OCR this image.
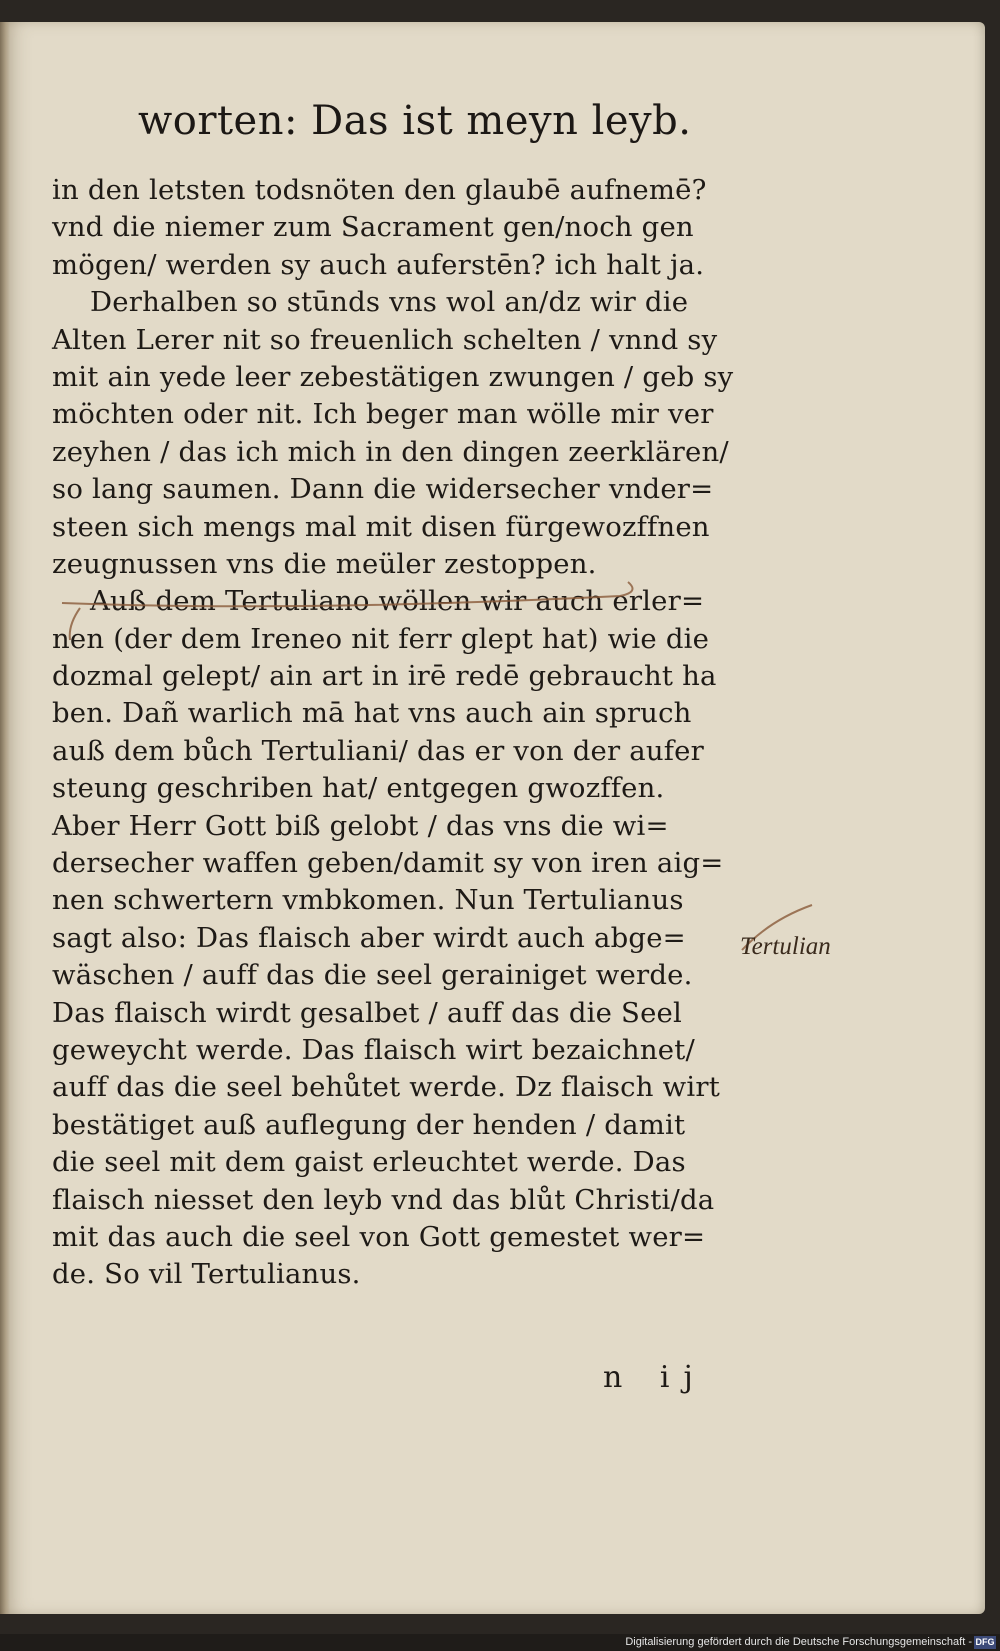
worten: Das ist meyn leyb.
in den letsten todsnöten den glaubē aufnemē?
vnd die niemer zum Sacrament gen/noch gen
mögen/ werden sy auch auferstēn? ich halt ja.
Derhalben so stūnds vns wol an/dz wir die
Alten Lerer nit so freuenlich schelten / vnnd sy
mit ain yede leer zebestätigen zwungen / geb sy
möchten oder nit. Ich beger man wölle mir ver
zeyhen / das ich mich in den dingen zeerklären/
so lang saumen. Dann die widersecher vnder=
steen sich mengs mal mit disen fürgewozffnen
zeugnussen vns die meüler zestoppen.
Auß dem Tertuliano wöllen wir auch erler=
nen (der dem Ireneo nit ferr glept hat) wie die
dozmal gelept/ ain art in irē redē gebraucht ha
ben. Dañ warlich mā hat vns auch ain spruch
auß dem bůch Tertuliani/ das er von der aufer
steung geschriben hat/ entgegen gwozffen.
Aber Herr Gott biß gelobt / das vns die wi=
dersecher waffen geben/damit sy von iren aig=
nen schwertern vmbkomen. Nun Tertulianus
sagt also: Das flaisch aber wirdt auch abge=
wäschen / auff das die seel gerainiget werde.
Das flaisch wirdt gesalbet / auff das die Seel
geweycht werde. Das flaisch wirt bezaichnet/
auff das die seel behůtet werde. Dz flaisch wirt
bestätiget auß auflegung der henden / damit
die seel mit dem gaist erleuchtet werde. Das
flaisch niesset den leyb vnd das blůt Christi/da
mit das auch die seel von Gott gemestet wer=
de. So vil Tertulianus.
Tertulian
n ij
Digitalisierung gefördert durch die Deutsche Forschungsgemeinschaft - DFG
